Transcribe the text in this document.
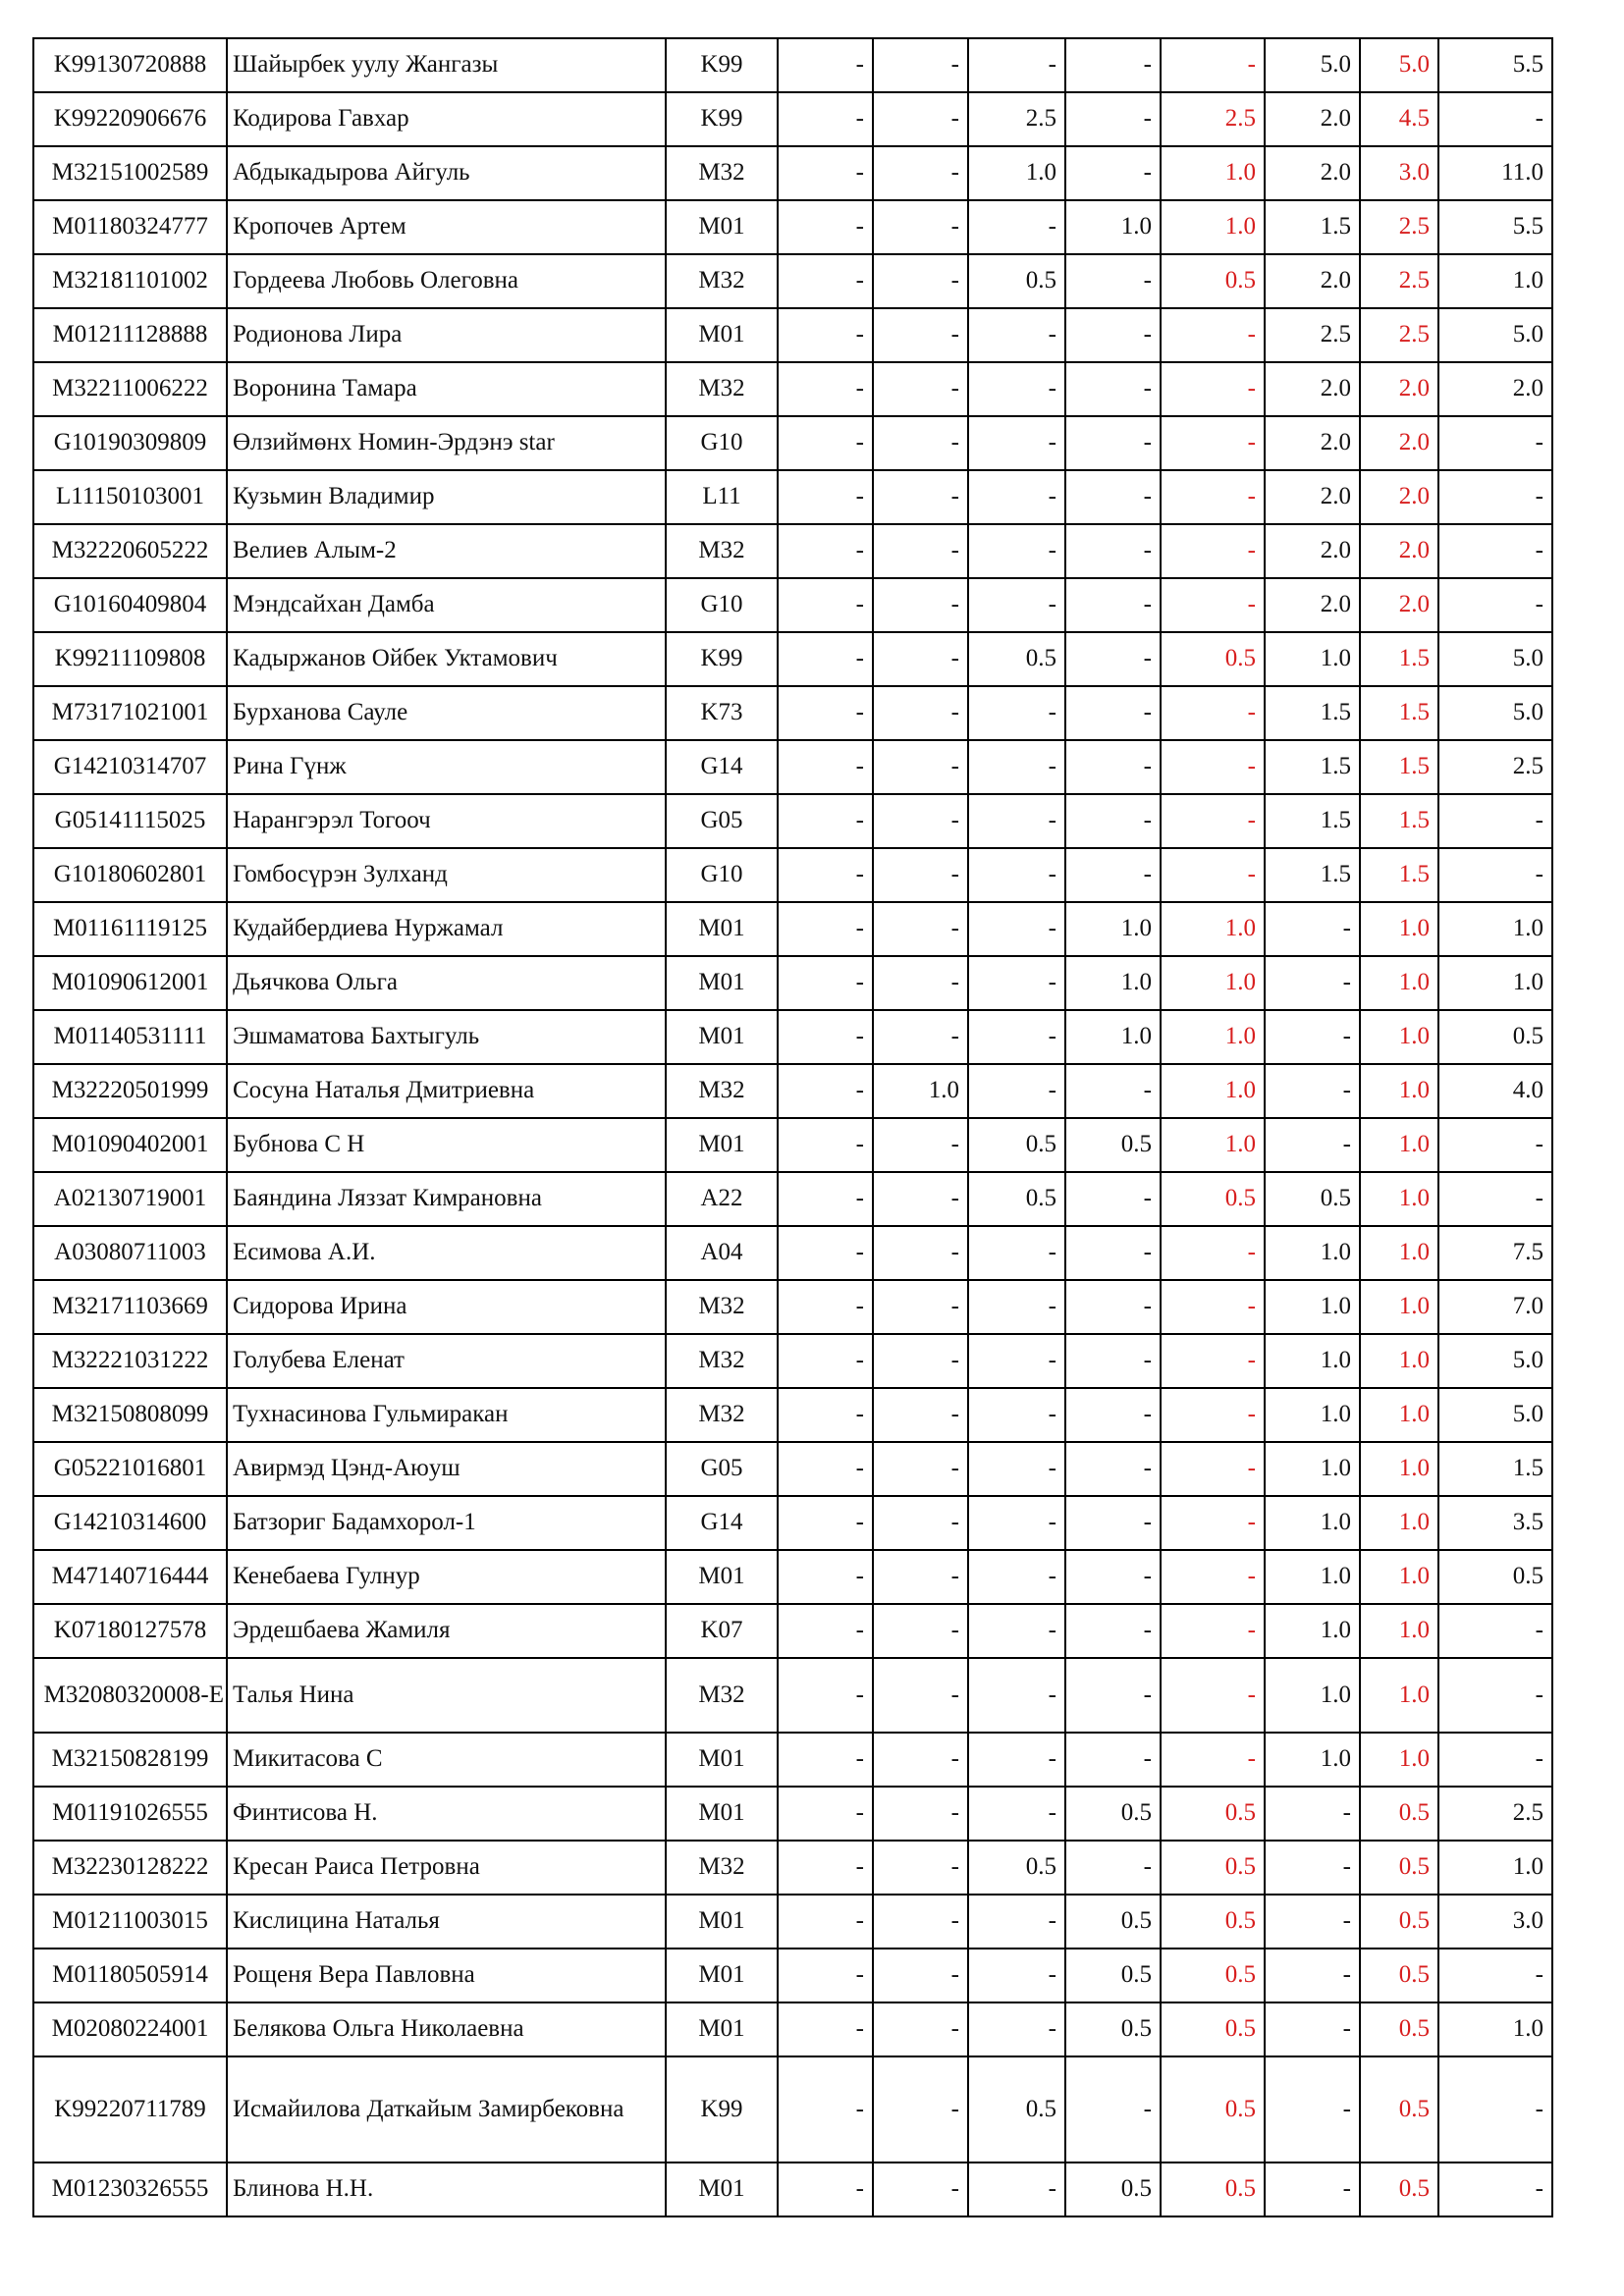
K99130720888	Шайырбек уулу Жангазы	K99	-	-	-	-	-	5.0	5.0	5.5
K99220906676	Кодирова Гавхар	K99	-	-	2.5	-	2.5	2.0	4.5	-
M32151002589	Абдыкадырова Айгуль	M32	-	-	1.0	-	1.0	2.0	3.0	11.0
M01180324777	Кропочев Артем	M01	-	-	-	1.0	1.0	1.5	2.5	5.5
M32181101002	Гордеева Любовь Олеговна	M32	-	-	0.5	-	0.5	2.0	2.5	1.0
M01211128888	Родионова Лира	M01	-	-	-	-	-	2.5	2.5	5.0
M32211006222	Воронина Тамара	M32	-	-	-	-	-	2.0	2.0	2.0
G10190309809	Өлзиймөнх Номин-Эрдэнэ star	G10	-	-	-	-	-	2.0	2.0	-
L11150103001	Кузьмин Владимир	L11	-	-	-	-	-	2.0	2.0	-
M32220605222	Велиев Алым-2	M32	-	-	-	-	-	2.0	2.0	-
G10160409804	Мэндсайхан Дамба	G10	-	-	-	-	-	2.0	2.0	-
K99211109808	Кадыржанов Ойбек Уктамович	K99	-	-	0.5	-	0.5	1.0	1.5	5.0
M73171021001	Бурханова Сауле	K73	-	-	-	-	-	1.5	1.5	5.0
G14210314707	Рина Гүнж	G14	-	-	-	-	-	1.5	1.5	2.5
G05141115025	Нарангэрэл Тогооч	G05	-	-	-	-	-	1.5	1.5	-
G10180602801	Гомбосүрэн Зулханд	G10	-	-	-	-	-	1.5	1.5	-
M01161119125	Кудайбердиева Нуржамал	M01	-	-	-	1.0	1.0	-	1.0	1.0
M01090612001	Дьячкова Ольга	M01	-	-	-	1.0	1.0	-	1.0	1.0
M01140531111	Эшмаматова Бахтыгуль	M01	-	-	-	1.0	1.0	-	1.0	0.5
M32220501999	Сосуна Наталья Дмитриевна	M32	-	1.0	-	-	1.0	-	1.0	4.0
M01090402001	Бубнова С Н	M01	-	-	0.5	0.5	1.0	-	1.0	-
A02130719001	Баяндина Ляззат Кимрановна	A22	-	-	0.5	-	0.5	0.5	1.0	-
A03080711003	Есимова А.И.	A04	-	-	-	-	-	1.0	1.0	7.5
M32171103669	Сидорова Ирина	M32	-	-	-	-	-	1.0	1.0	7.0
M32221031222	Голубева Еленат	M32	-	-	-	-	-	1.0	1.0	5.0
M32150808099	Тухнасинова Гульмиракан	M32	-	-	-	-	-	1.0	1.0	5.0
G05221016801	Авирмэд Цэнд-Аюуш	G05	-	-	-	-	-	1.0	1.0	1.5
G14210314600	Батзориг Бадамхорол-1	G14	-	-	-	-	-	1.0	1.0	3.5
M47140716444	Кенебаева Гулнур	M01	-	-	-	-	-	1.0	1.0	0.5
K07180127578	Эрдешбаева Жамиля	K07	-	-	-	-	-	1.0	1.0	-
M32080320008-E	Талья Нина	M32	-	-	-	-	-	1.0	1.0	-
M32150828199	Микитасова С	M01	-	-	-	-	-	1.0	1.0	-
M01191026555	Финтисова Н.	M01	-	-	-	0.5	0.5	-	0.5	2.5
M32230128222	Кресан Раиса Петровна	M32	-	-	0.5	-	0.5	-	0.5	1.0
M01211003015	Кислицина Наталья	M01	-	-	-	0.5	0.5	-	0.5	3.0
M01180505914	Рощеня Вера Павловна	M01	-	-	-	0.5	0.5	-	0.5	-
M02080224001	Белякова Ольга Николаевна	M01	-	-	-	0.5	0.5	-	0.5	1.0
K99220711789	Исмайилова Даткайым Замирбековна	K99	-	-	0.5	-	0.5	-	0.5	-
M01230326555	Блинова Н.Н.	M01	-	-	-	0.5	0.5	-	0.5	-
